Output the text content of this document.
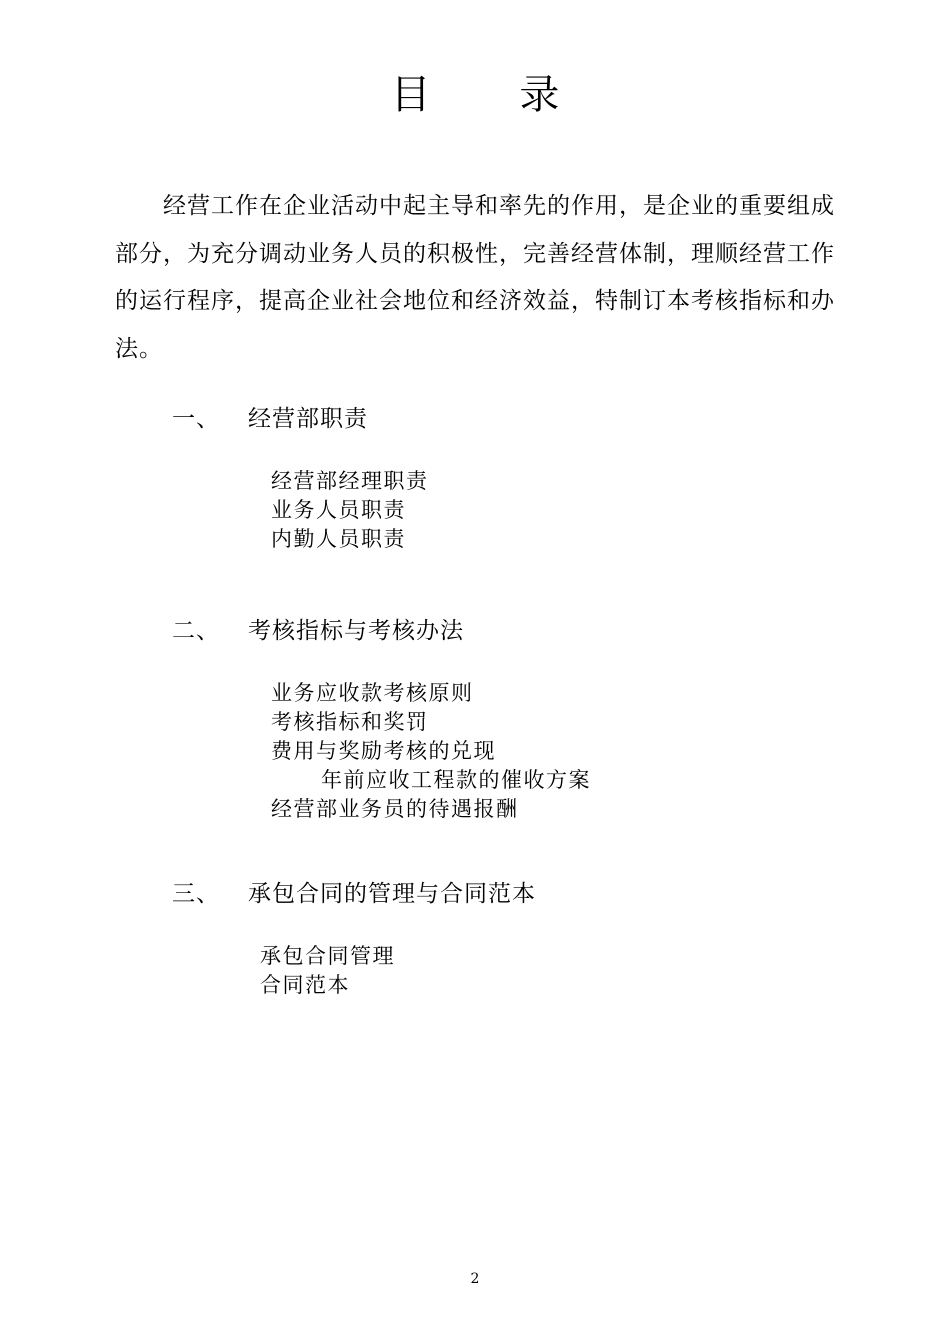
目 录
经营工作在企业活动中起主导和率先的作用，是企业的重要组成部分，为充分调动业务人员的积极性，完善经营体制，理顺经营工作的运行程序，提高企业社会地位和经济效益，特制订本考核指标和办法。
一、 经营部职责
经营部经理职责
业务人员职责
内勤人员职责
二、 考核指标与考核办法
业务应收款考核原则
考核指标和奖罚
费用与奖励考核的兑现
年前应收工程款的催收方案
经营部业务员的待遇报酬
三、 承包合同的管理与合同范本
承包合同管理
合同范本
2
